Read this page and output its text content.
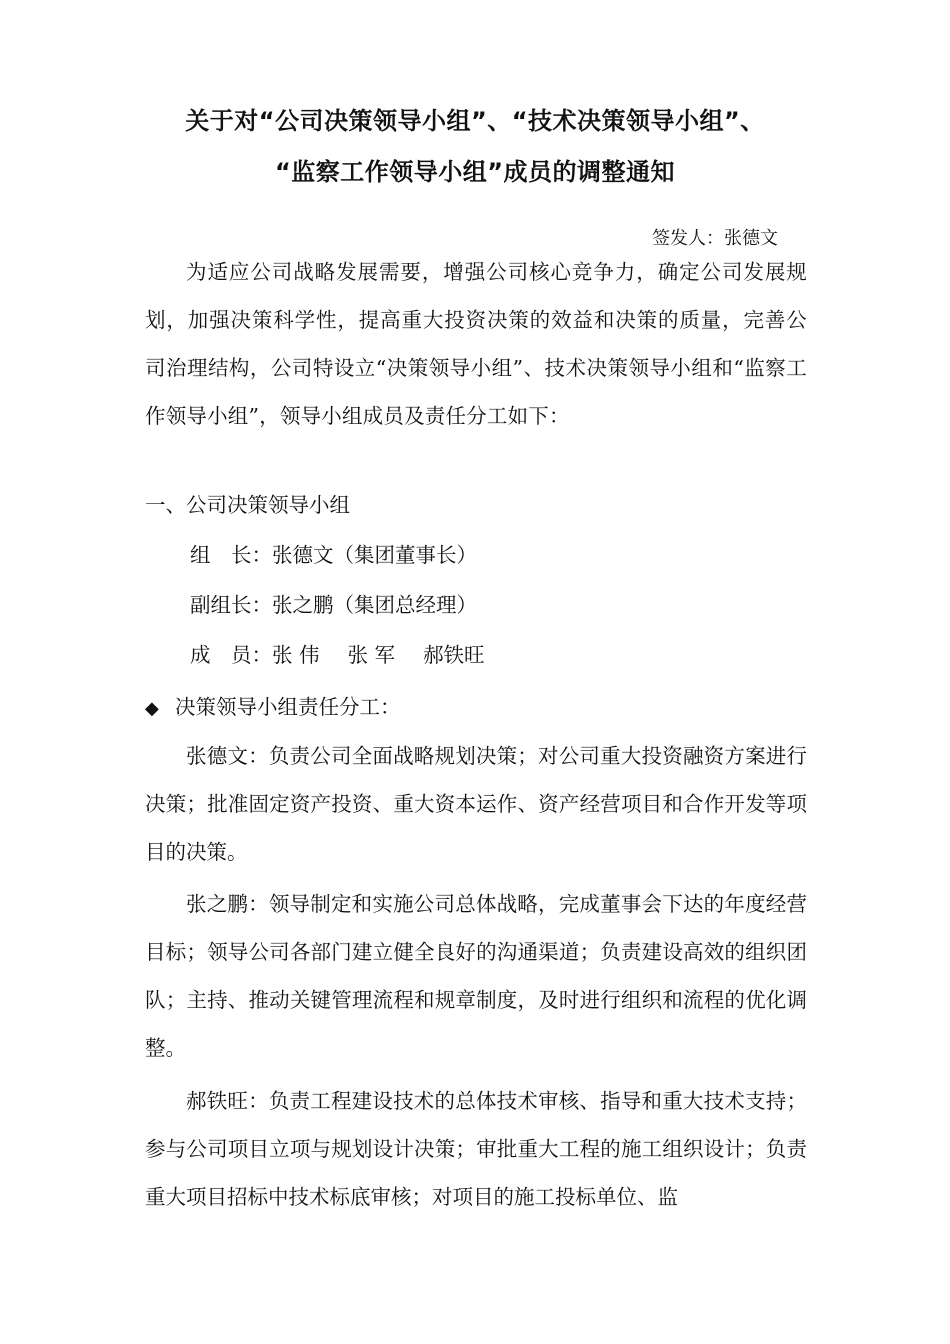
关于对“公司决策领导小组”、“技术决策领导小组”、
“监察工作领导小组”成员的调整通知
签发人：张德文
为适应公司战略发展需要，增强公司核心竞争力，确定公司发展规划，加强决策科学性，提高重大投资决策的效益和决策的质量，完善公司治理结构，公司特设立“决策领导小组”、技术决策领导小组和“监察工作领导小组”，领导小组成员及责任分工如下：
一、公司决策领导小组
组　长：张德文（集团董事长）
副组长：张之鹏（集团总经理）
成　员：张 伟 张 军 郝铁旺
◆ 决策领导小组责任分工：
张德文：负责公司全面战略规划决策；对公司重大投资融资方案进行决策；批准固定资产投资、重大资本运作、资产经营项目和合作开发等项目的决策。
张之鹏：领导制定和实施公司总体战略，完成董事会下达的年度经营目标；领导公司各部门建立健全良好的沟通渠道；负责建设高效的组织团队；主持、推动关键管理流程和规章制度，及时进行组织和流程的优化调整。
郝铁旺：负责工程建设技术的总体技术审核、指导和重大技术支持；参与公司项目立项与规划设计决策；审批重大工程的施工组织设计；负责重大项目招标中技术标底审核；对项目的施工投标单位、监
